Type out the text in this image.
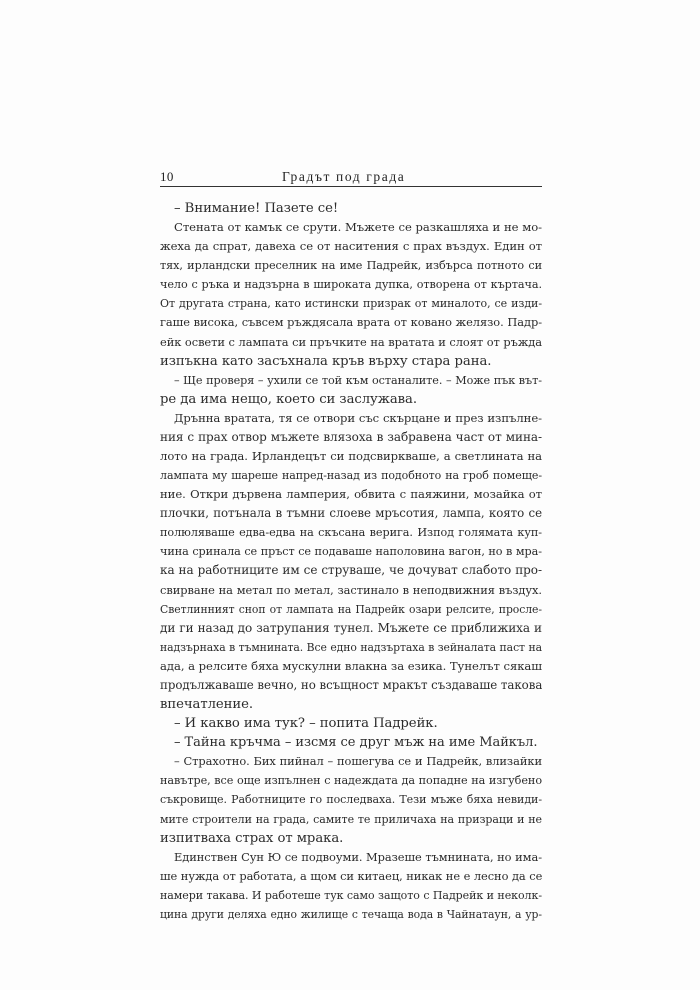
10	Градът под града
– Внимание! Пазете се!
Стената от камък се срути. Мъжете се разкашляха и не мо-
жеха да спрат, давеха се от наситения с прах въздух. Един от
тях, ирландски преселник на име Падрейк, избърса потното си
чело с ръка и надзърна в широката дупка, отворена от къртача.
От другата страна, като истински призрак от миналото, се изди-
гаше висока, съвсем ръждясала врата от ковано желязо. Падр-
ейк освети с лампата си пръчките на вратата и слоят от ръжда
изпъкна като засъхнала кръв върху стара рана.
– Ще проверя – ухили се той към останалите. – Може пък вът-
ре да има нещо, което си заслужава.
Дрънна вратата, тя се отвори със скърцане и през изпълне-
ния с прах отвор мъжете влязоха в забравена част от мина-
лото на града. Ирландецът си подсвиркваше, а светлината на
лампата му шареше напред-назад из подобното на гроб помеще-
ние. Откри дървена ламперия, обвита с паяжини, мозайка от
плочки, потънала в тъмни слоеве мръсотия, лампа, която се
полюляваше едва-едва на скъсана верига. Изпод голямата куп-
чина сринала се пръст се подаваше наполовина вагон, но в мра-
ка на работниците им се струваше, че дочуват слабото про-
свирване на метал по метал, застинало в неподвижния въздух.
Светлинният сноп от лампата на Падрейк озари релсите, просле-
ди ги назад до затрупания тунел. Мъжете се приближиха и
надзърнаха в тъмнината. Все едно надзъртаха в зейналата паст на
ада, а релсите бяха мускулни влакна за езика. Тунелът сякаш
продължаваше вечно, но всъщност мракът създаваше такова
впечатление.
– И какво има тук? – попита Падрейк.
– Тайна кръчма – изсмя се друг мъж на име Майкъл.
– Страхотно. Бих пийнал – пошегува се и Падрейк, влизайки
навътре, все още изпълнен с надеждата да попадне на изгубено
съкровище. Работниците го последваха. Тези мъже бяха невиди-
мите строители на града, самите те приличаха на призраци и не
изпитваха страх от мрака.
Единствен Сун Ю се подвоуми. Мразеше тъмнината, но има-
ше нужда от работата, а щом си китаец, никак не е лесно да се
намери такава. И работеше тук само защото с Падрейк и неколк-
цина други деляха едно жилище с течаща вода в Чайнатаун, а ур-
